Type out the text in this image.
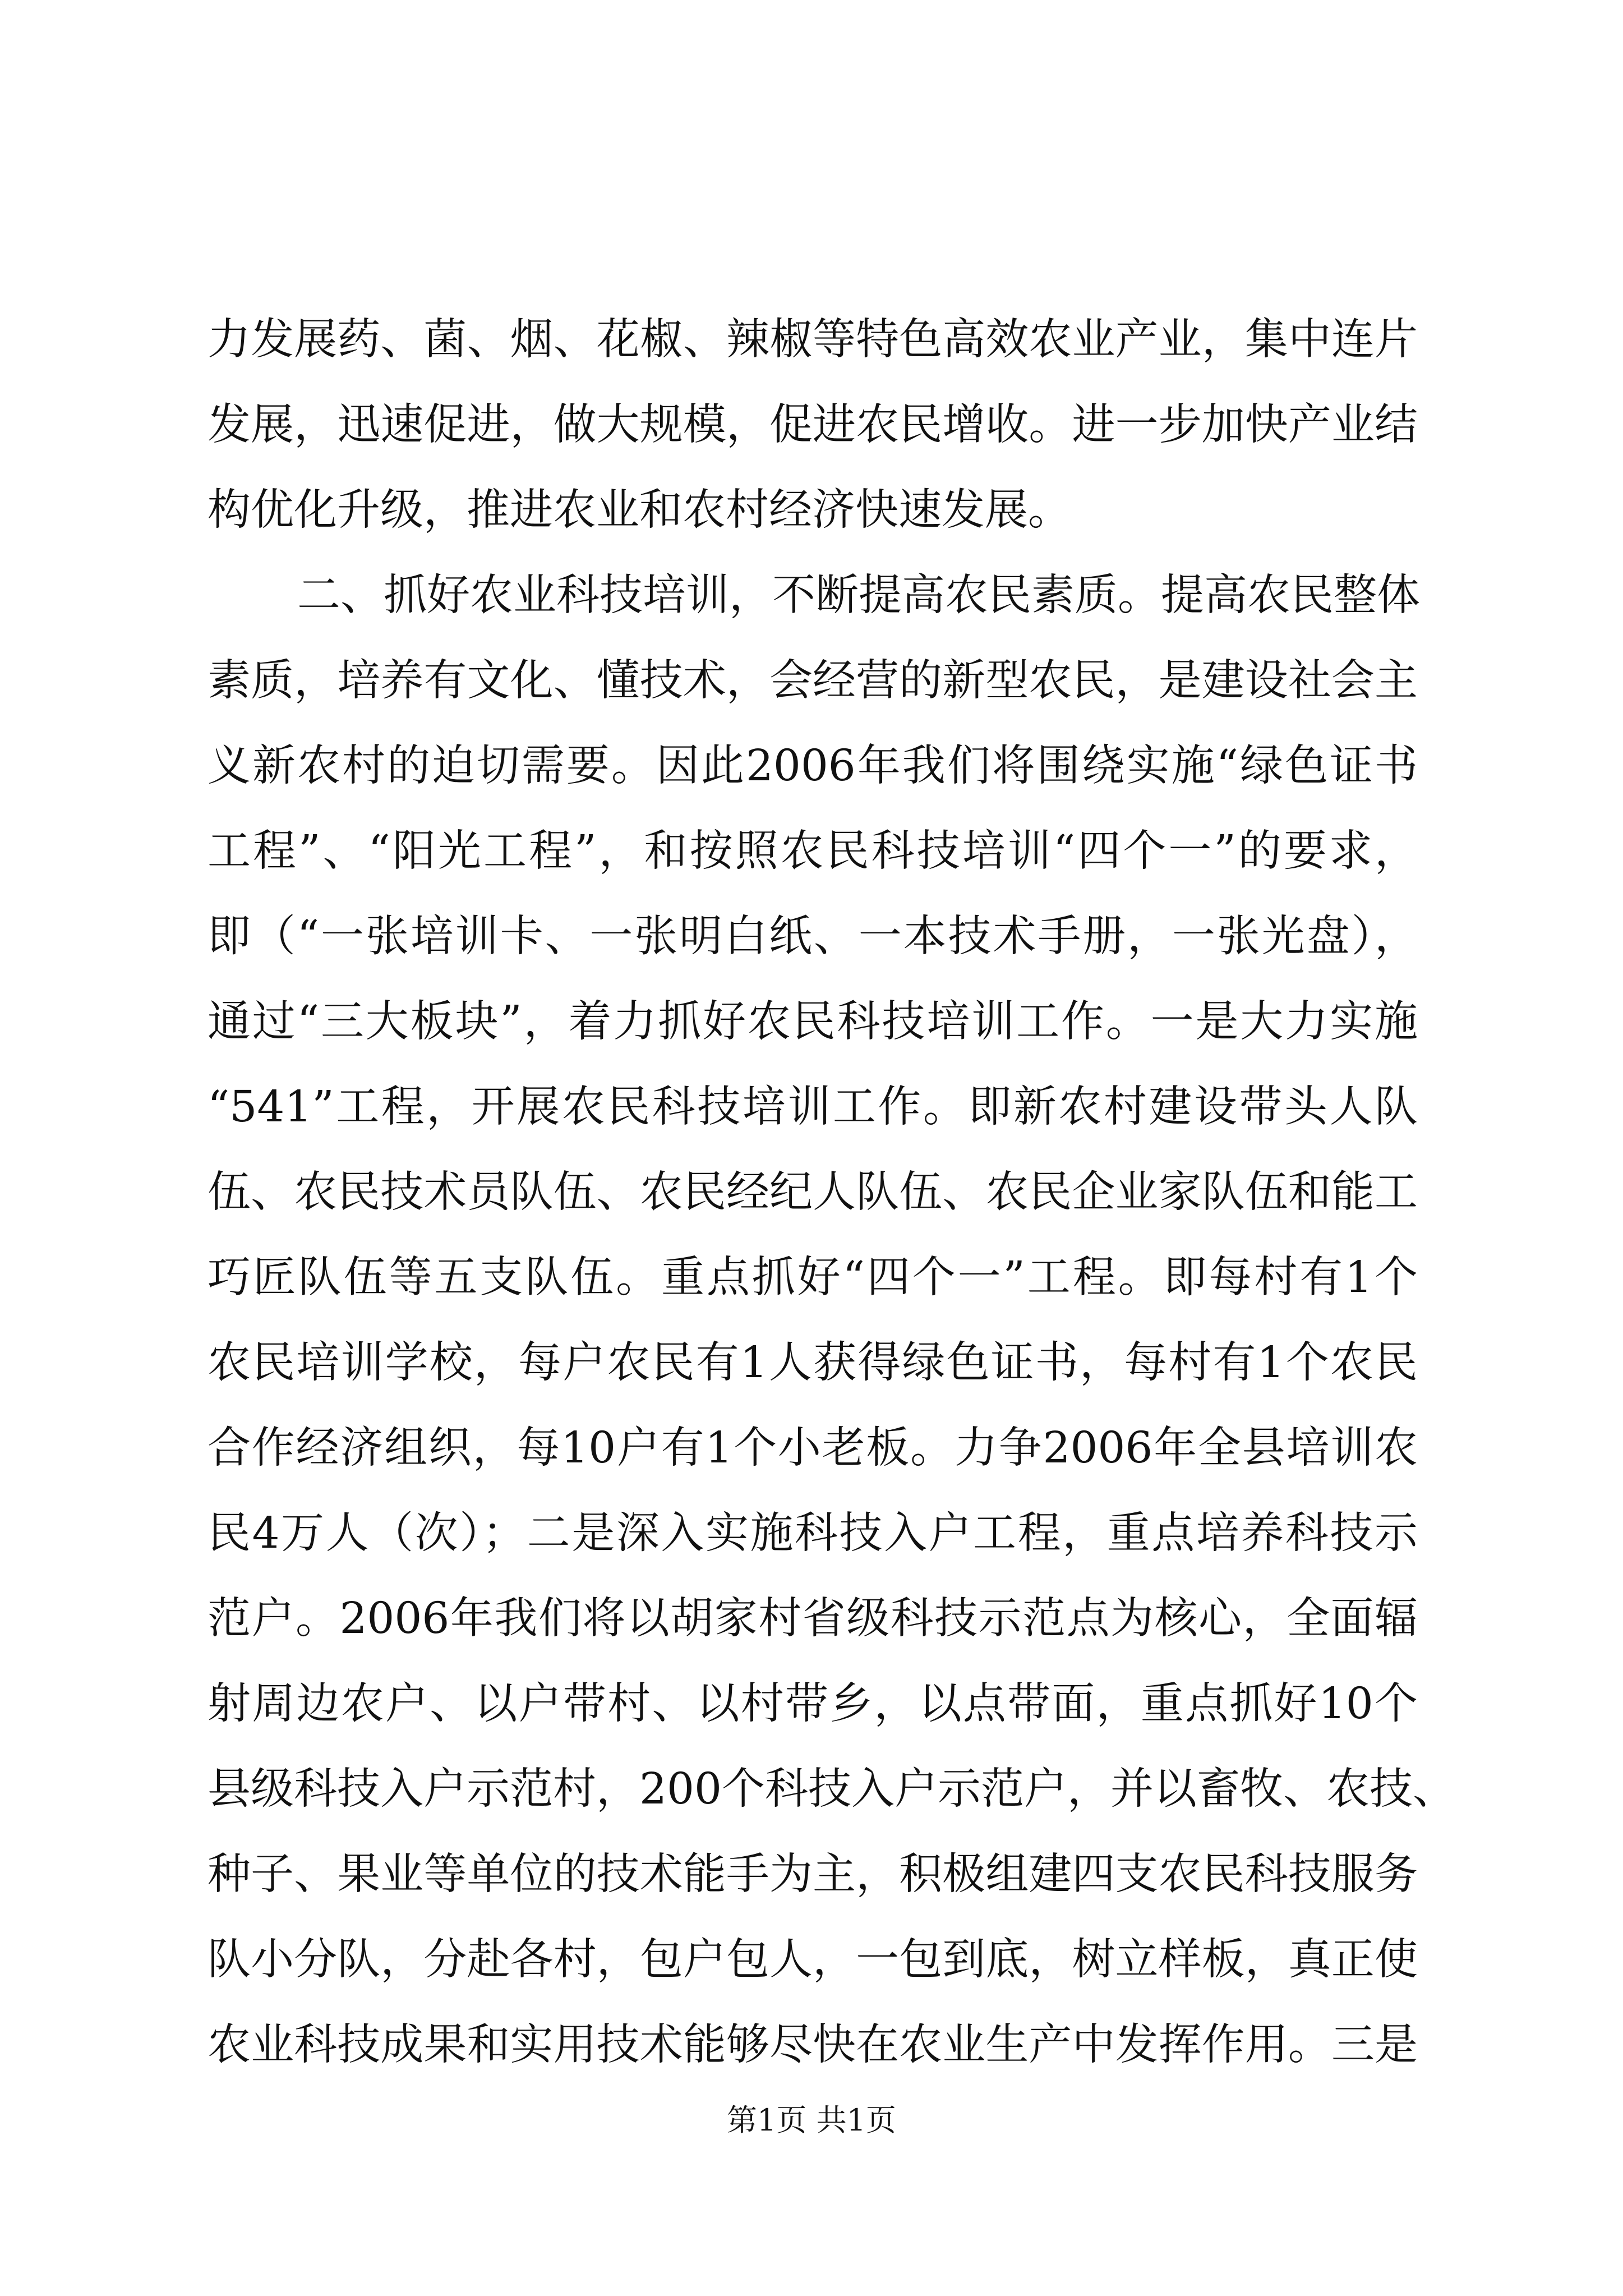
力发展药、菌、烟、花椒、辣椒等特色高效农业产业，集中连片
发展，迅速促进，做大规模，促进农民增收。进一步加快产业结
构优化升级，推进农业和农村经济快速发展。
二、抓好农业科技培训，不断提高农民素质。提高农民整体
素质，培养有文化、懂技术，会经营的新型农民，是建设社会主
义新农村的迫切需要。因此2006年我们将围绕实施“绿色证书
工程”、“阳光工程”，和按照农民科技培训“四个一”的要求，
即（“一张培训卡、一张明白纸、一本技术手册，一张光盘），
通过“三大板块”，着力抓好农民科技培训工作。一是大力实施
“541”工程，开展农民科技培训工作。即新农村建设带头人队
伍、农民技术员队伍、农民经纪人队伍、农民企业家队伍和能工
巧匠队伍等五支队伍。重点抓好“四个一”工程。即每村有1个
农民培训学校，每户农民有1人获得绿色证书，每村有1个农民
合作经济组织，每10户有1个小老板。力争2006年全县培训农
民4万人（次）；二是深入实施科技入户工程，重点培养科技示
范户。2006年我们将以胡家村省级科技示范点为核心，全面辐
射周边农户、以户带村、以村带乡，以点带面，重点抓好10个
县级科技入户示范村，200个科技入户示范户，并以畜牧、农技、
种子、果业等单位的技术能手为主，积极组建四支农民科技服务
队小分队，分赴各村，包户包人，一包到底，树立样板，真正使
农业科技成果和实用技术能够尽快在农业生产中发挥作用。三是
第1页 共1页
